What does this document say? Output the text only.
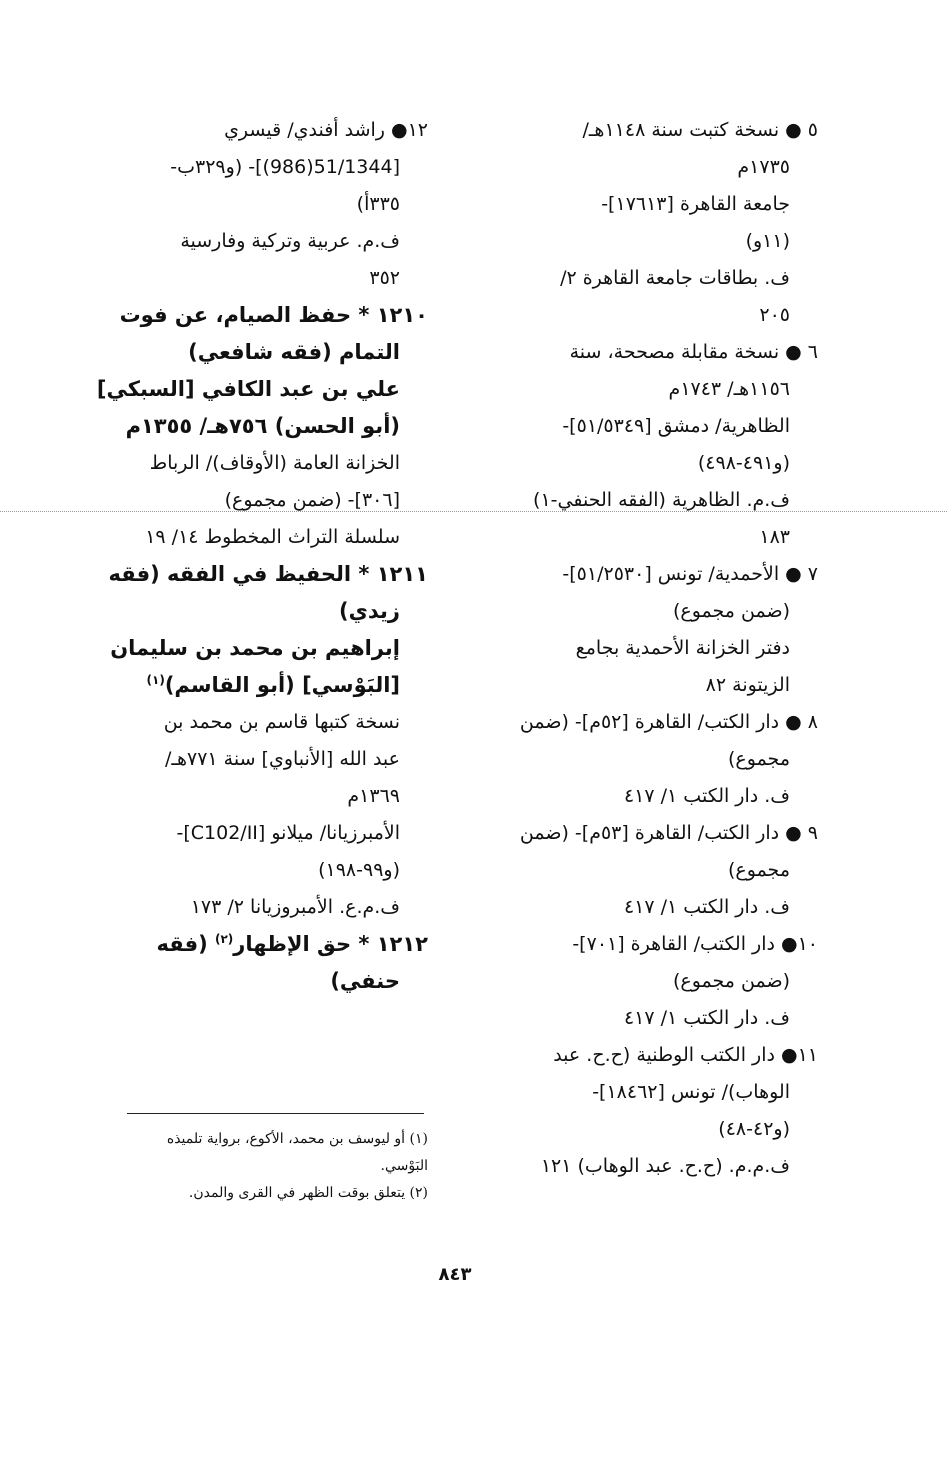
٥ ● نسخة كتبت سنة ١١٤٨هـ/
١٧٣٥م
جامعة القاهرة [١٧٦١٣]-
(١١و)
ف. بطاقات جامعة القاهرة ٢/
٢٠٥
٦ ● نسخة مقابلة مصححة، سنة
١١٥٦هـ/ ١٧٤٣م
الظاهرية/ دمشق [٥١/٥٣٤٩]-
(و٤٩١-٤٩٨)
ف.م. الظاهرية (الفقه الحنفي-١)
١٨٣
٧ ● الأحمدية/ تونس [٥١/٢٥٣٠]-
(ضمن مجموع)
دفتر الخزانة الأحمدية بجامع
الزيتونة ٨٢
٨ ● دار الكتب/ القاهرة [٥٢م]- (ضمن
مجموع)
ف. دار الكتب ١/ ٤١٧
٩ ● دار الكتب/ القاهرة [٥٣م]- (ضمن
مجموع)
ف. دار الكتب ١/ ٤١٧
١٠● دار الكتب/ القاهرة [٧٠١]-
(ضمن مجموع)
ف. دار الكتب ١/ ٤١٧
١١● دار الكتب الوطنية (ح.ح. عبد
الوهاب)/ تونس [١٨٤٦٢]-
(و٤٢-٤٨)
ف.م.م. (ح.ح. عبد الوهاب) ١٢١
١٢● راشد أفندي/ قيسري
[51/1344(986)]- (و٣٢٩ب-
٣٣٥أ)
ف.م. عربية وتركية وفارسية
٣٥٢
١٢١٠ * حفظ الصيام، عن فوت
التمام (فقه شافعي)
علي بن عبد الكافي [السبكي]
(أبو الحسن) ٧٥٦هـ/ ١٣٥٥م
الخزانة العامة (الأوقاف)/ الرباط
[٣٠٦]- (ضمن مجموع)
سلسلة التراث المخطوط ١٤/ ١٩
١٢١١ * الحفيظ في الفقه (فقه
زيدي)
إبراهيم بن محمد بن سليمان
[البَوْسي] (أبو القاسم)$^{(١)}$
نسخة كتبها قاسم بن محمد بن
عبد الله [الأنباوي] سنة ٧٧١هـ/
١٣٦٩م
الأمبرزيانا/ ميلانو [C102/II]-
(و٩٩-١٩٨)
ف.م.ع. الأمبروزيانا ٢/ ١٧٣
١٢١٢ * حق الإظهار$^{(٢)}$ (فقه
حنفي)
(١) أو ليوسف بن محمد، الأكوع، برواية تلميذه
البَوْسي.
(٢) يتعلق بوقت الظهر في القرى والمدن.
٨٤٣
